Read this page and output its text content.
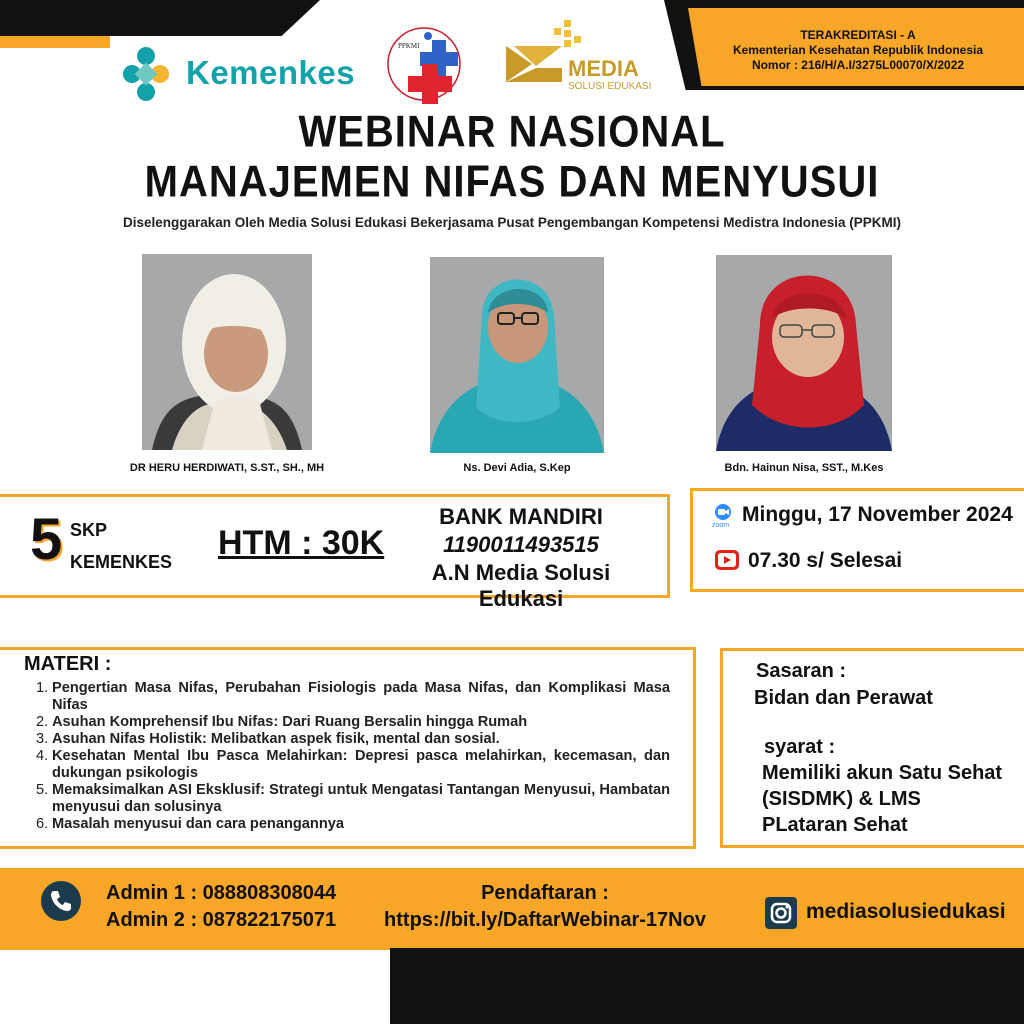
TERAKREDITASI - A
Kementerian Kesehatan Republik Indonesia
Nomor : 216/H/A.I/3275L00070/X/2022
Kemenkes
PPKMI
MEDIA
SOLUSI EDUKASI
WEBINAR NASIONAL
MANAJEMEN NIFAS DAN MENYUSUI
Diselenggarakan Oleh Media Solusi Edukasi Bekerjasama Pusat Pengembangan Kompetensi Medistra Indonesia (PPKMI)
DR HERU HERDIWATI, S.ST., SH., MH	Ns. Devi Adia, S.Kep	Bdn. Hainun Nisa, SST., M.Kes
5 SKP
KEMENKES HTM : 30K
BANK MANDIRI
1190011493515
A.N Media Solusi Edukasi
zoom Minggu, 17 November 2024
07.30 s/ Selesai
MATERI :
1. Pengertian Masa Nifas, Perubahan Fisiologis pada Masa Nifas, dan Komplikasi Masa Nifas
2. Asuhan Komprehensif Ibu Nifas: Dari Ruang Bersalin hingga Rumah
3. Asuhan Nifas Holistik: Melibatkan aspek fisik, mental dan sosial.
4. Kesehatan Mental Ibu Pasca Melahirkan: Depresi pasca melahirkan, kecemasan, dan dukungan psikologis
5. Memaksimalkan ASI Eksklusif: Strategi untuk Mengatasi Tantangan Menyusui, Hambatan menyusui dan solusinya
6. Masalah menyusui dan cara penangannya
Sasaran :
Bidan dan Perawat
syarat :
Memiliki akun Satu Sehat (SISDMK) & LMS PLataran Sehat
Admin 1 : 088808308044
Admin 2 : 087822175071
Pendaftaran :
https://bit.ly/DaftarWebinar-17Nov	mediasolusiedukasi
